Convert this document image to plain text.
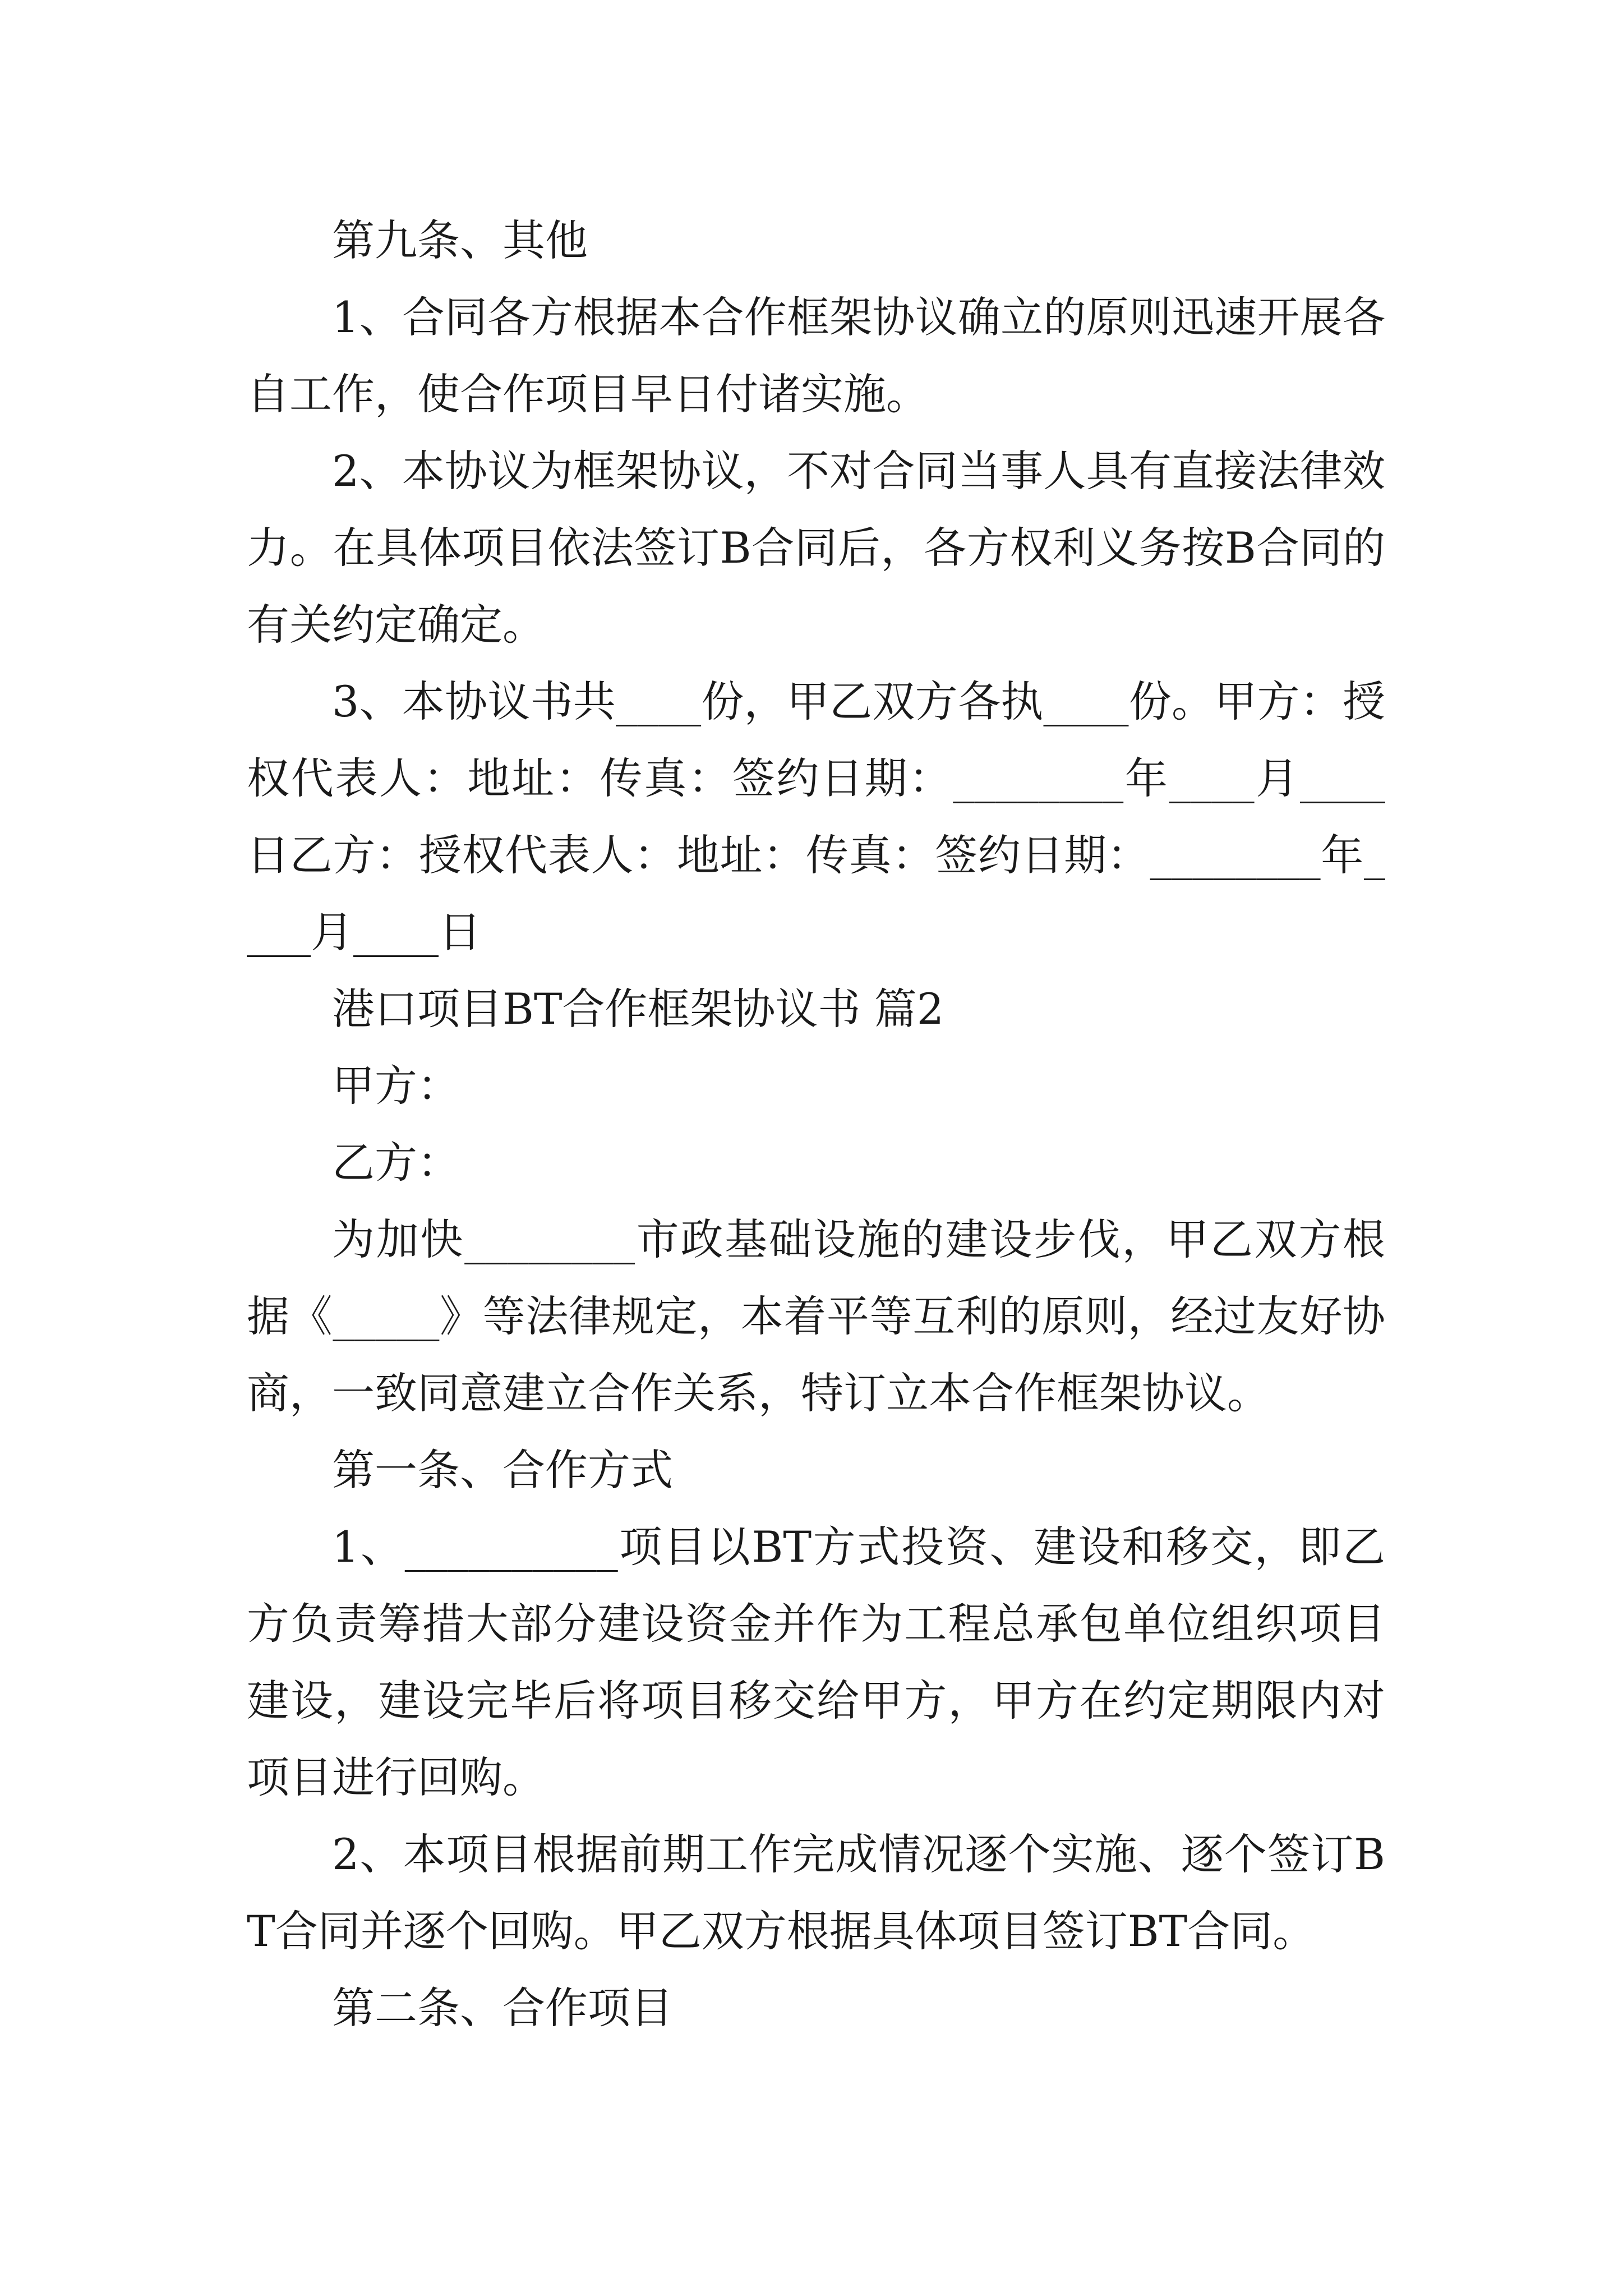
第九条、其他

1、合同各方根据本合作框架协议确立的原则迅速开展各自工作，使合作项目早日付诸实施。

2、本协议为框架协议，不对合同当事人具有直接法律效力。在具体项目依法签订B合同后，各方权利义务按B合同的有关约定确定。

3、本协议书共____份，甲乙双方各执____份。甲方：授权代表人：地址：传真：签约日期：________年____月____日乙方：授权代表人：地址：传真：签约日期：________年____月____日

港口项目BT合作框架协议书 篇2

甲方：

乙方：

为加快________市政基础设施的建设步伐，甲乙双方根据《_____》等法律规定，本着平等互利的原则，经过友好协商，一致同意建立合作关系，特订立本合作框架协议。

第一条、合作方式

1、__________项目以BT方式投资、建设和移交，即乙方负责筹措大部分建设资金并作为工程总承包单位组织项目建设，建设完毕后将项目移交给甲方，甲方在约定期限内对项目进行回购。

2、本项目根据前期工作完成情况逐个实施、逐个签订BT合同并逐个回购。甲乙双方根据具体项目签订BT合同。

第二条、合作项目
